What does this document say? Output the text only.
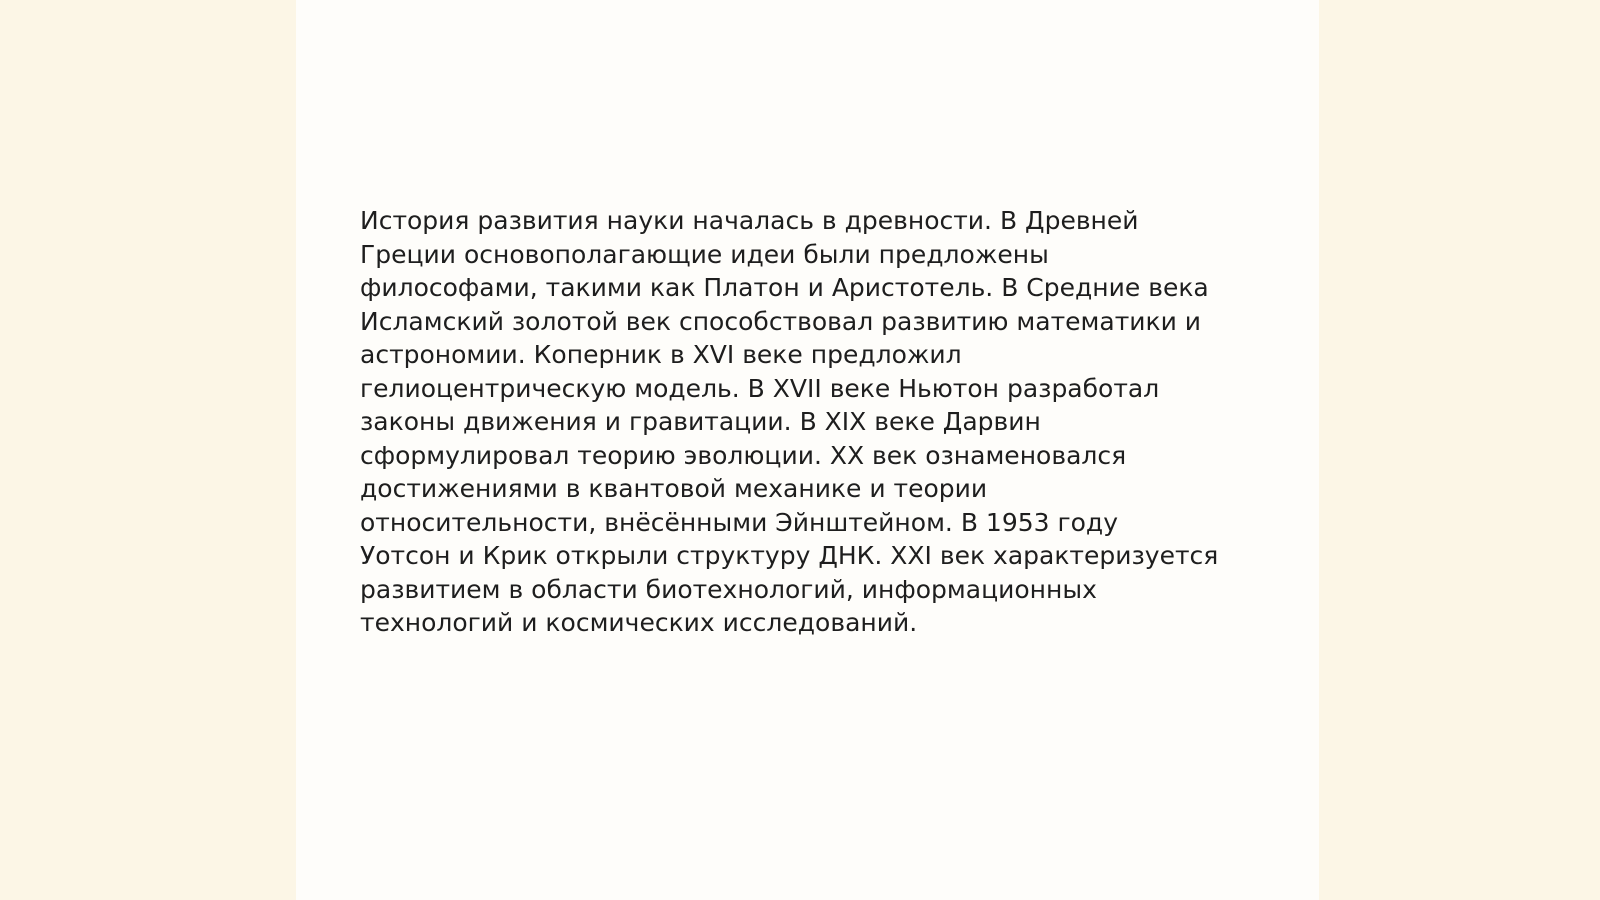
История развития науки началась в древности. В Древней
Греции основополагающие идеи были предложены
философами, такими как Платон и Аристотель. В Средние века
Исламский золотой век способствовал развитию математики и
астрономии. Коперник в XVI веке предложил
гелиоцентрическую модель. В XVII веке Ньютон разработал
законы движения и гравитации. В XIX веке Дарвин
сформулировал теорию эволюции. XX век ознаменовался
достижениями в квантовой механике и теории
относительности, внёсёнными Эйнштейном. В 1953 году
Уотсон и Крик открыли структуру ДНК. XXI век характеризуется
развитием в области биотехнологий, информационных
технологий и космических исследований.
